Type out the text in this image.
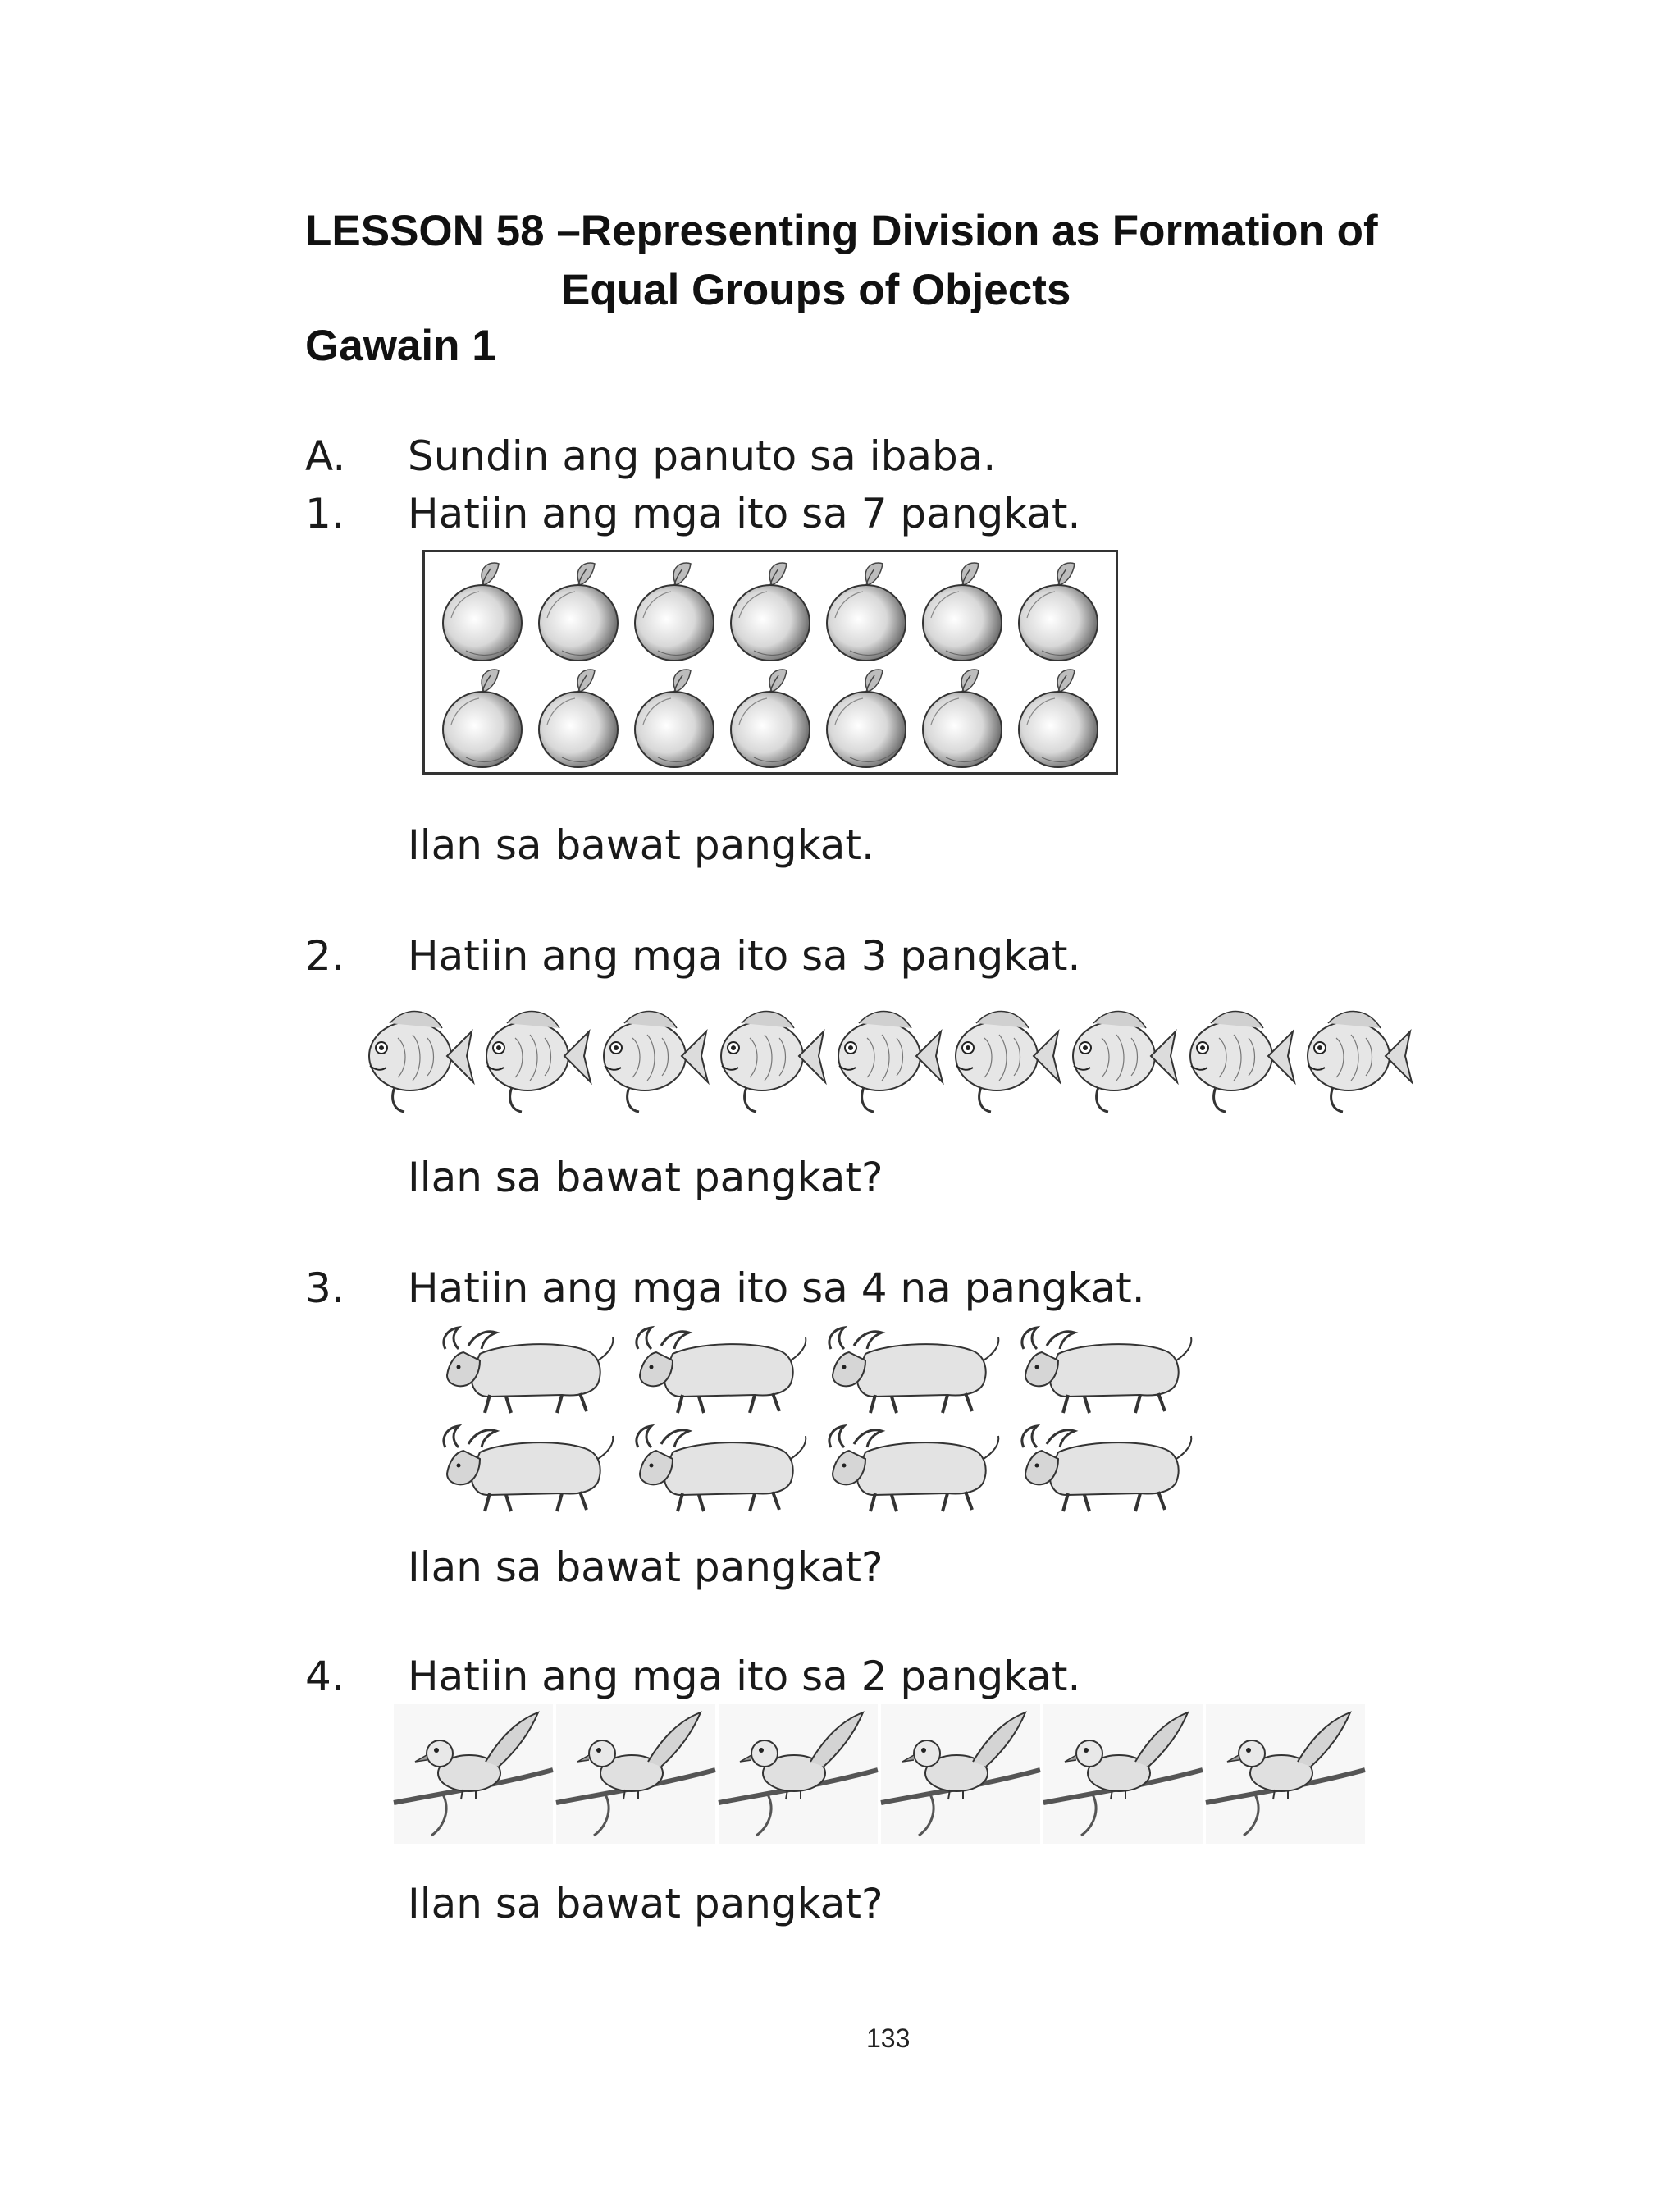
LESSON 58 –Representing Division as Formation of
Equal Groups of Objects
Gawain 1
A. Sundin ang panuto sa ibaba.
1. Hatiin ang mga ito sa 7 pangkat.
Ilan sa bawat pangkat.
2. Hatiin ang mga ito sa 3 pangkat.
Ilan sa bawat pangkat?
3. Hatiin ang mga ito sa 4 na pangkat.
Ilan sa bawat pangkat?
4. Hatiin ang mga ito sa 2 pangkat.
Ilan sa bawat pangkat?
133
